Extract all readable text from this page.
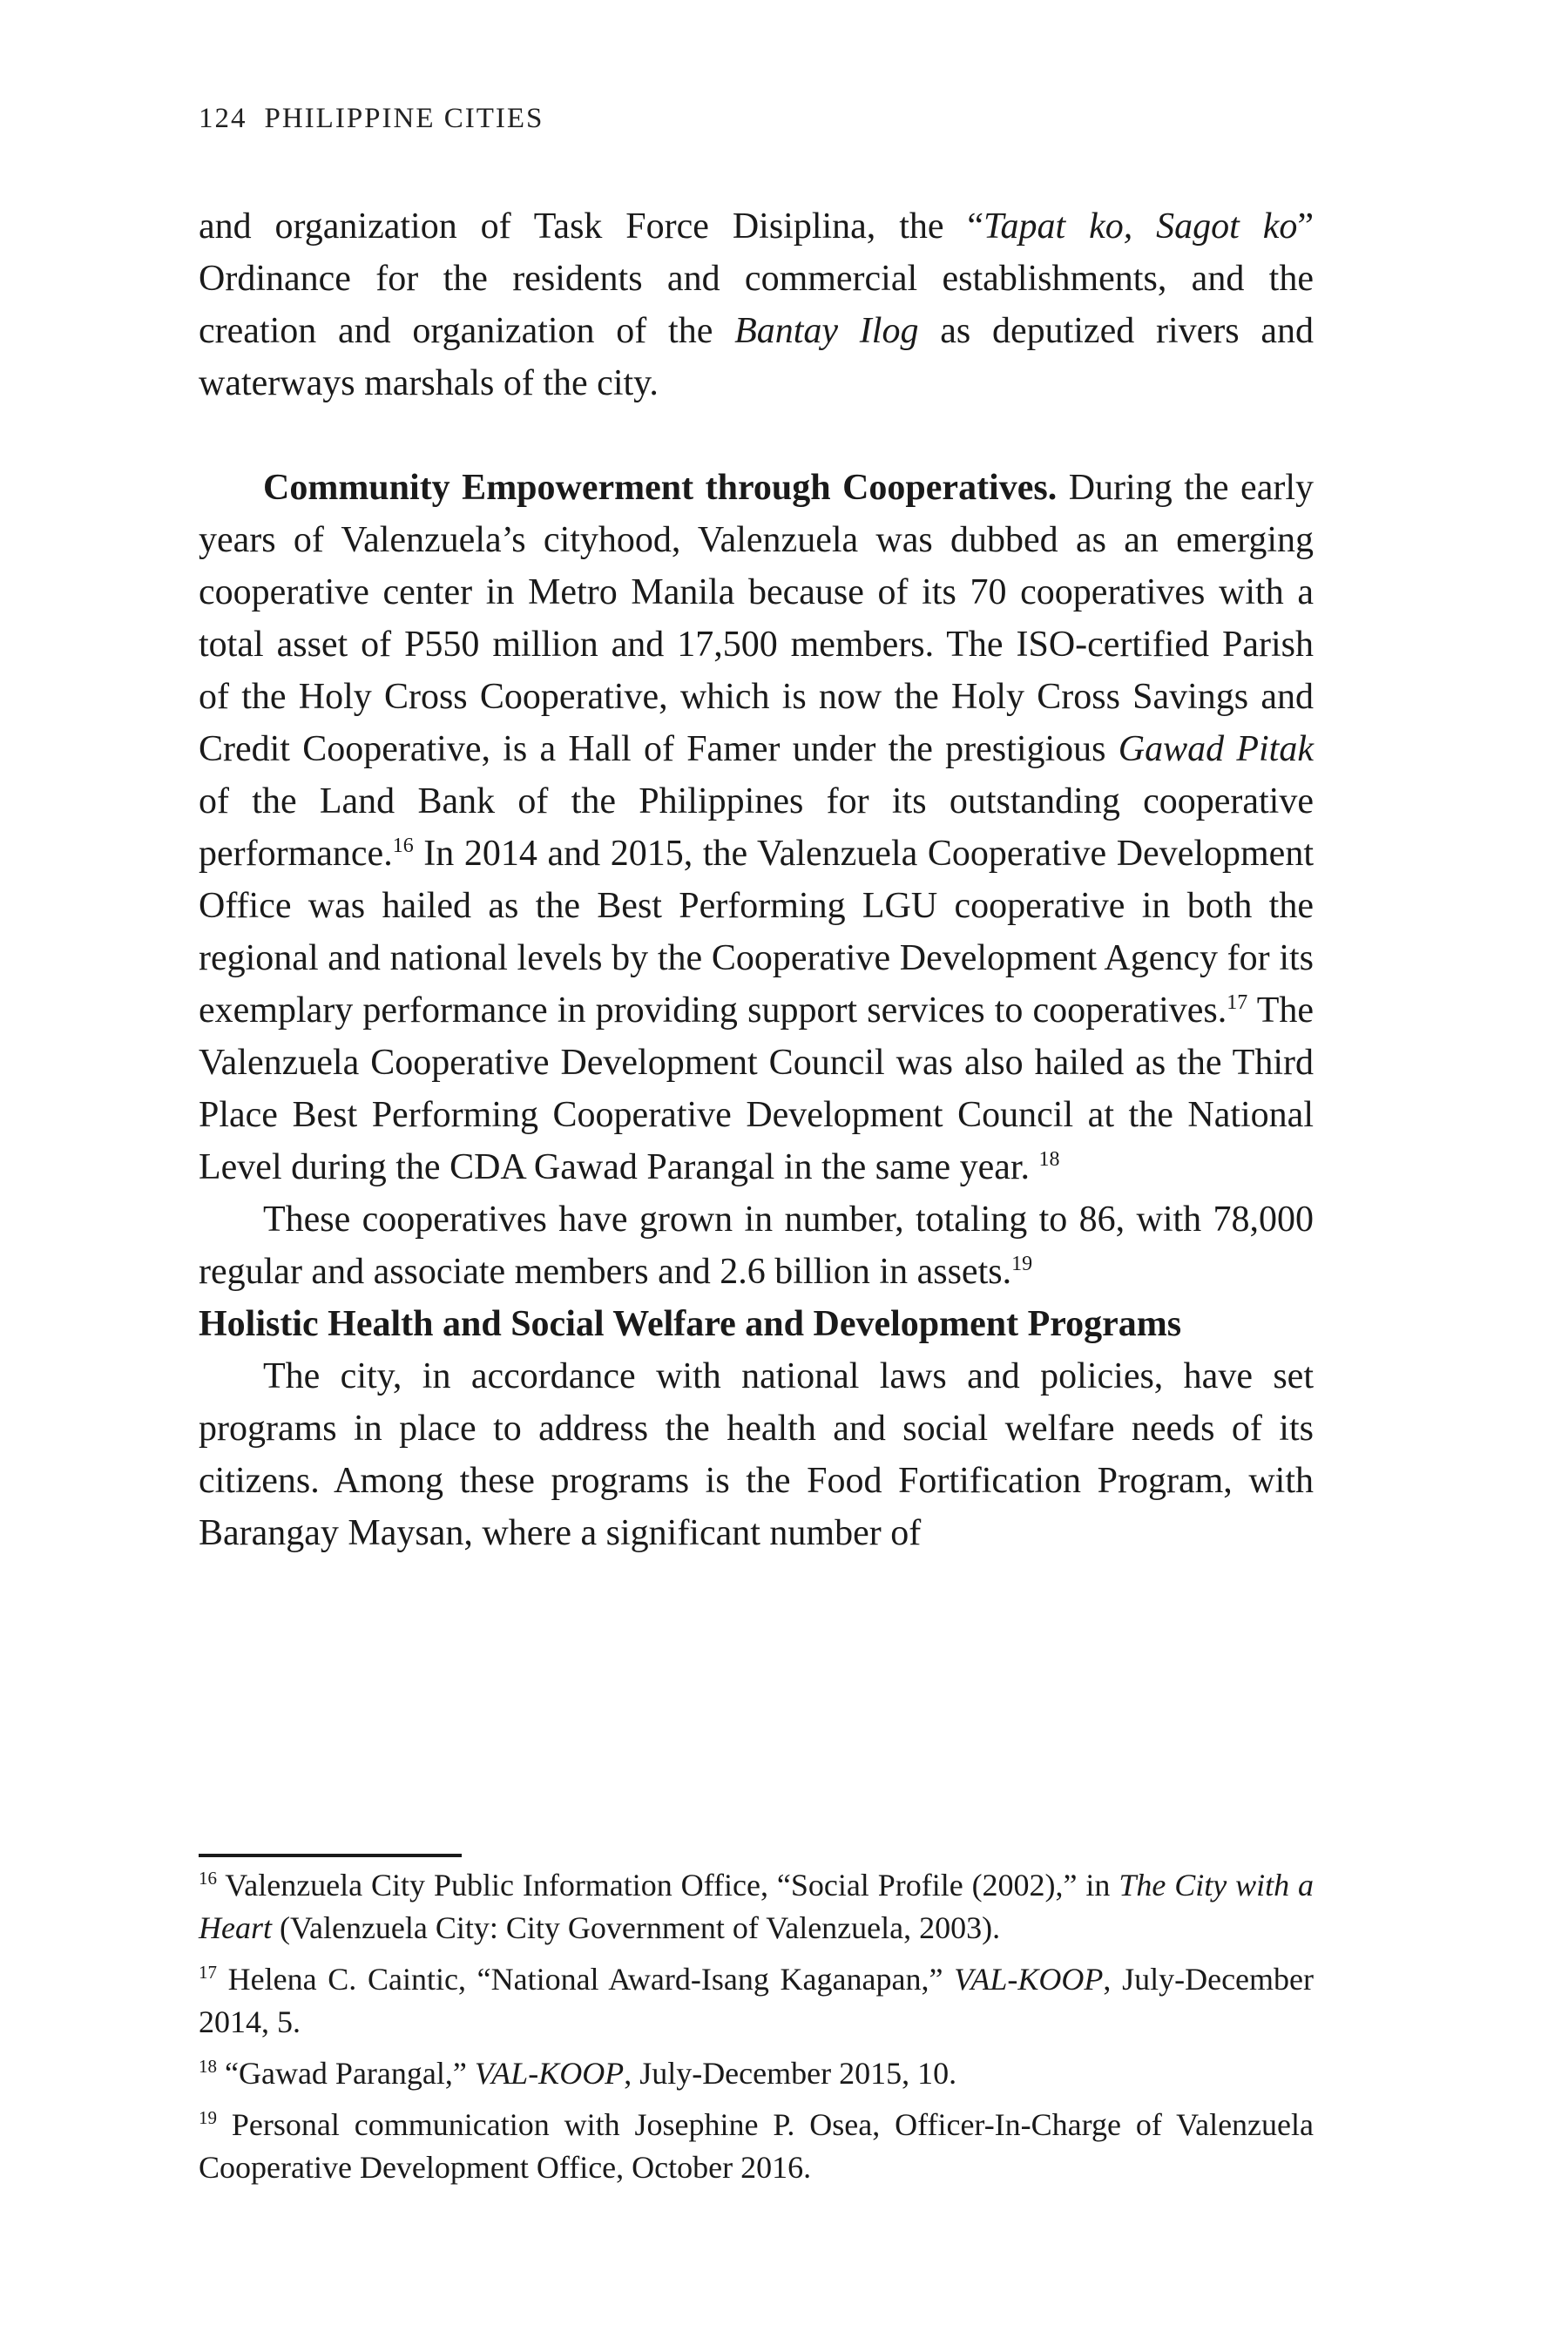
124 PHILIPPINE CITIES

and organization of Task Force Disiplina, the “Tapat ko, Sagot ko” Ordinance for the residents and commercial establishments, and the creation and organization of the Bantay Ilog as deputized rivers and waterways marshals of the city.

Community Empowerment through Cooperatives. During the early years of Valenzuela’s cityhood, Valenzuela was dubbed as an emerging cooperative center in Metro Manila because of its 70 cooperatives with a total asset of P550 million and 17,500 members. The ISO-certified Parish of the Holy Cross Cooperative, which is now the Holy Cross Savings and Credit Cooperative, is a Hall of Famer under the prestigious Gawad Pitak of the Land Bank of the Philippines for its outstanding cooperative performance.$^{16}$ In 2014 and 2015, the Valenzuela Cooperative Development Office was hailed as the Best Performing LGU cooperative in both the regional and national levels by the Cooperative Development Agency for its exemplary performance in providing support services to cooperatives.$^{17}$ The Valenzuela Cooperative Development Council was also hailed as the Third Place Best Performing Cooperative Development Council at the National Level during the CDA Gawad Parangal in the same year. $^{18}$

These cooperatives have grown in number, totaling to 86, with 78,000 regular and associate members and 2.6 billion in assets.$^{19}$

Holistic Health and Social Welfare and Development Programs

The city, in accordance with national laws and policies, have set programs in place to address the health and social welfare needs of its citizens. Among these programs is the Food Fortification Program, with Barangay Maysan, where a significant number of

$^{16}$ Valenzuela City Public Information Office, “Social Profile (2002),” in The City with a Heart (Valenzuela City: City Government of Valenzuela, 2003).

$^{17}$ Helena C. Caintic, “National Award-Isang Kaganapan,” VAL-KOOP, July-December 2014, 5.

$^{18}$ “Gawad Parangal,” VAL-KOOP, July-December 2015, 10.

$^{19}$ Personal communication with Josephine P. Osea, Officer-In-Charge of Valenzuela Cooperative Development Office, October 2016.
